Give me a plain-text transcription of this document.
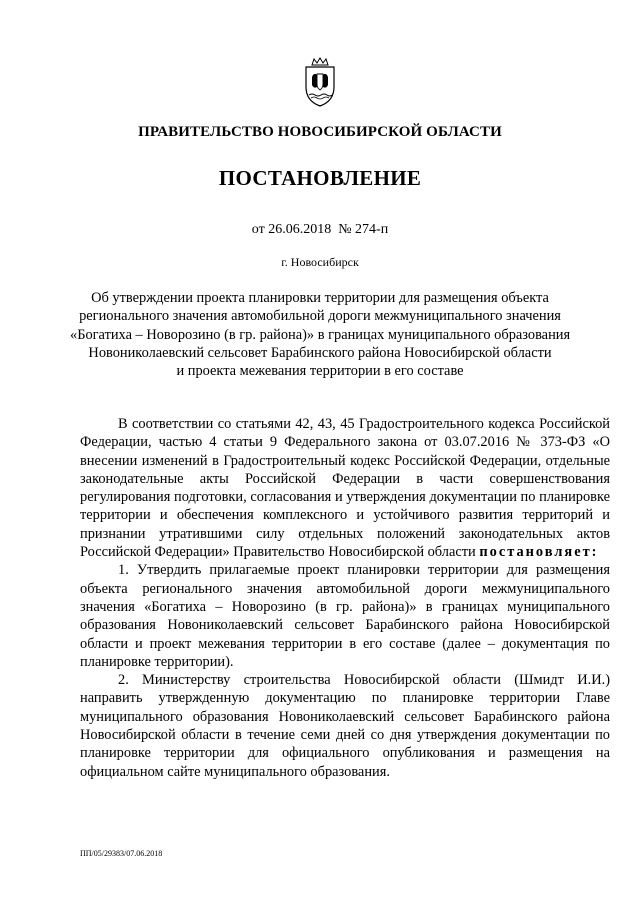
ПРАВИТЕЛЬСТВО НОВОСИБИРСКОЙ ОБЛАСТИ
ПОСТАНОВЛЕНИЕ
от 26.06.2018 № 274-п
г. Новосибирск
Об утверждении проекта планировки территории для размещения объекта
регионального значения автомобильной дороги межмуниципального значения
«Богатиха – Новорозино (в гр. района)» в границах муниципального образования
Новониколаевский сельсовет Барабинского района Новосибирской области
и проекта межевания территории в его составе

В соответствии со статьями 42, 43, 45 Градостроительного кодекса Российской Федерации, частью 4 статьи 9 Федерального закона от 03.07.2016 № 373-ФЗ «О внесении изменений в Градостроительный кодекс Российской Федерации, отдельные законодательные акты Российской Федерации в части совершенствования регулирования подготовки, согласования и утверждения документации по планировке территории и обеспечения комплексного и устойчивого развития территорий и признании утратившими силу отдельных положений законодательных актов Российской Федерации» Правительство Новосибирской области постановляет:

1. Утвердить прилагаемые проект планировки территории для размещения объекта регионального значения автомобильной дороги межмуниципального значения «Богатиха – Новорозино (в гр. района)» в границах муниципального образования Новониколаевский сельсовет Барабинского района Новосибирской области и проект межевания территории в его составе (далее – документация по планировке территории).

2. Министерству строительства Новосибирской области (Шмидт И.И.) направить утвержденную документацию по планировке территории Главе муниципального образования Новониколаевский сельсовет Барабинского района Новосибирской области в течение семи дней со дня утверждения документации по планировке территории для официального опубликования и размещения на официальном сайте муниципального образования.

ПП/05/29383/07.06.2018
